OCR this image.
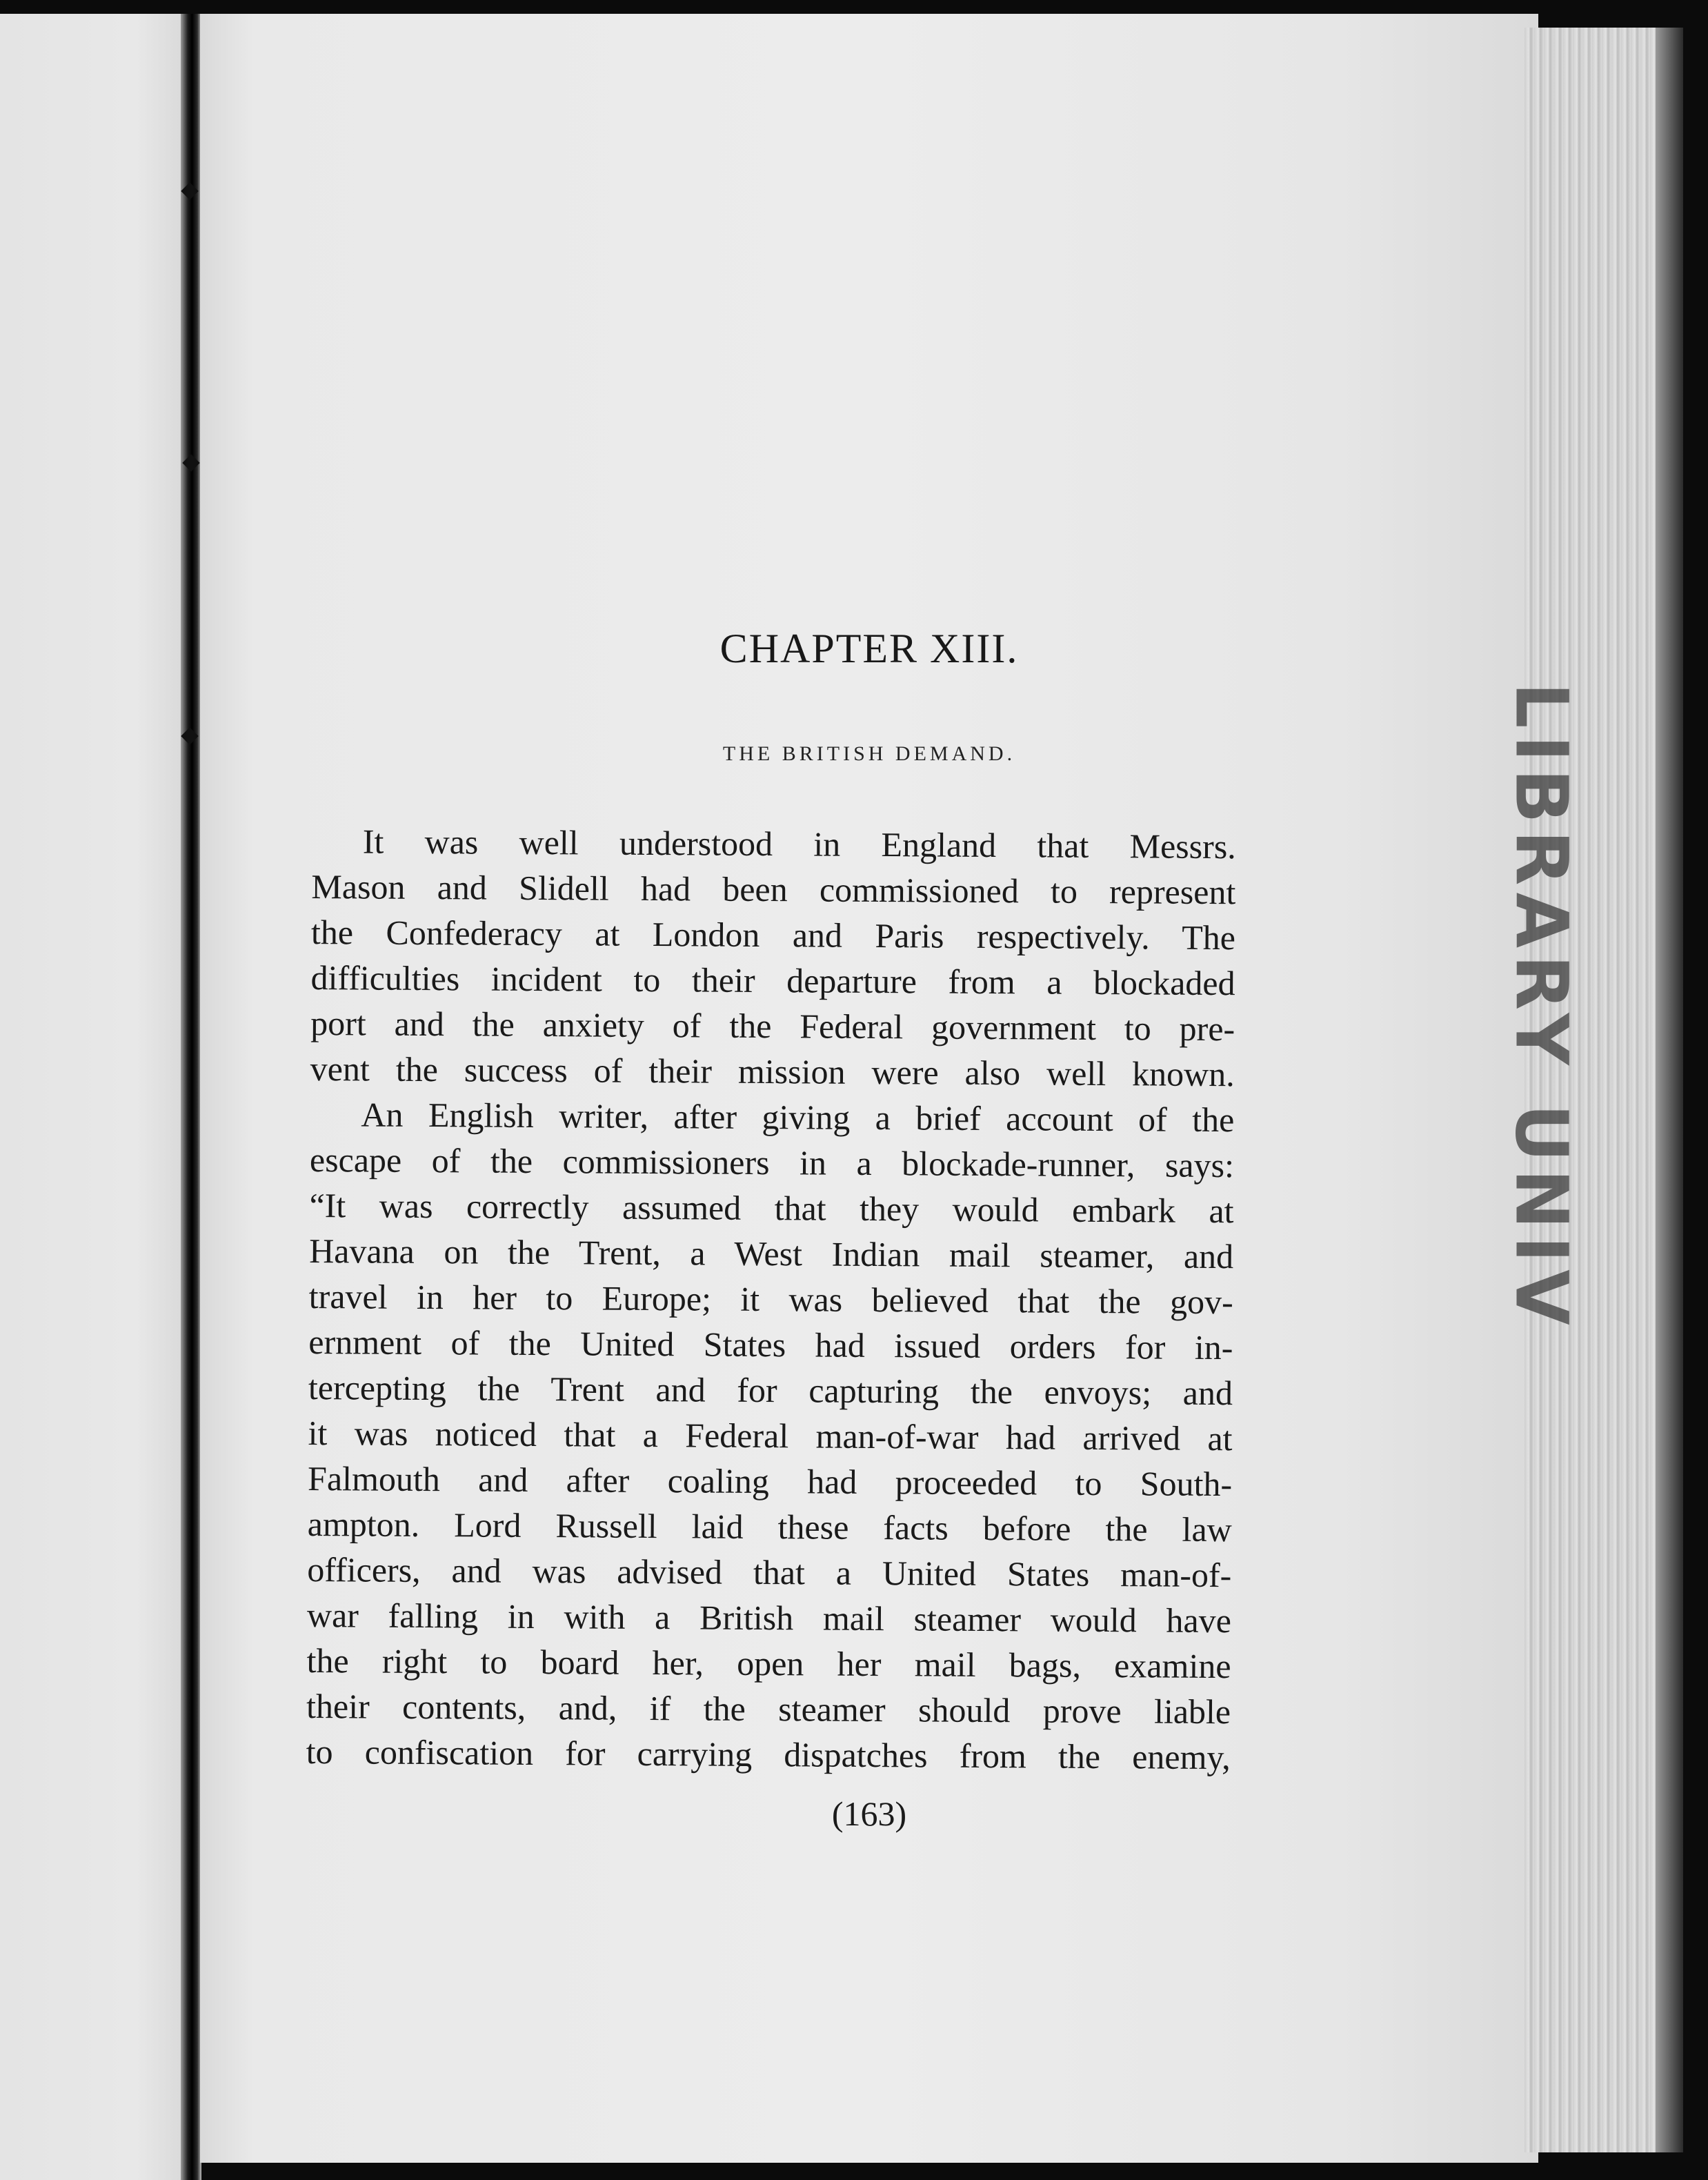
LIBRARY UNIV
CHAPTER XIII.
THE BRITISH DEMAND.
It was well understood in England that Messrs.
Mason and Slidell had been commissioned to represent
the Confederacy at London and Paris respectively. The
difficulties incident to their departure from a blockaded
port and the anxiety of the Federal government to pre-
vent the success of their mission were also well known.
An English writer, after giving a brief account of the
escape of the commissioners in a blockade-runner, says:
“It was correctly assumed that they would embark at
Havana on the Trent, a West Indian mail steamer, and
travel in her to Europe; it was believed that the gov-
ernment of the United States had issued orders for in-
tercepting the Trent and for capturing the envoys; and
it was noticed that a Federal man-of-war had arrived at
Falmouth and after coaling had proceeded to South-
ampton. Lord Russell laid these facts before the law
officers, and was advised that a United States man-of-
war falling in with a British mail steamer would have
the right to board her, open her mail bags, examine
their contents, and, if the steamer should prove liable
to confiscation for carrying dispatches from the enemy,
(163)
